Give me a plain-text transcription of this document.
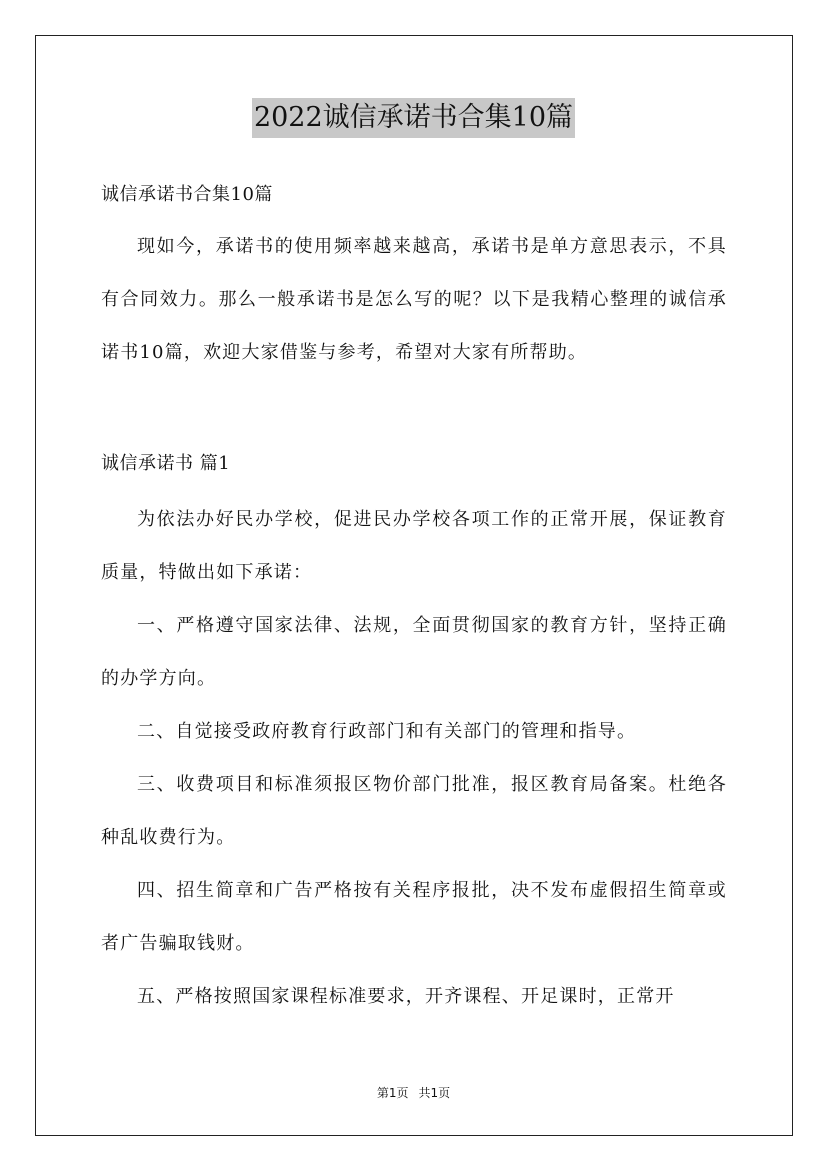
2022诚信承诺书合集10篇

诚信承诺书合集10篇

现如今，承诺书的使用频率越来越高，承诺书是单方意思表示，不具有合同效力。那么一般承诺书是怎么写的呢？以下是我精心整理的诚信承诺书10篇，欢迎大家借鉴与参考，希望对大家有所帮助。

诚信承诺书 篇1

为依法办好民办学校，促进民办学校各项工作的正常开展，保证教育质量，特做出如下承诺：

一、严格遵守国家法律、法规，全面贯彻国家的教育方针，坚持正确的办学方向。

二、自觉接受政府教育行政部门和有关部门的管理和指导。

三、收费项目和标准须报区物价部门批准，报区教育局备案。杜绝各种乱收费行为。

四、招生简章和广告严格按有关程序报批，决不发布虚假招生简章或者广告骗取钱财。

五、严格按照国家课程标准要求，开齐课程、开足课时，正常开

第1页 共1页
